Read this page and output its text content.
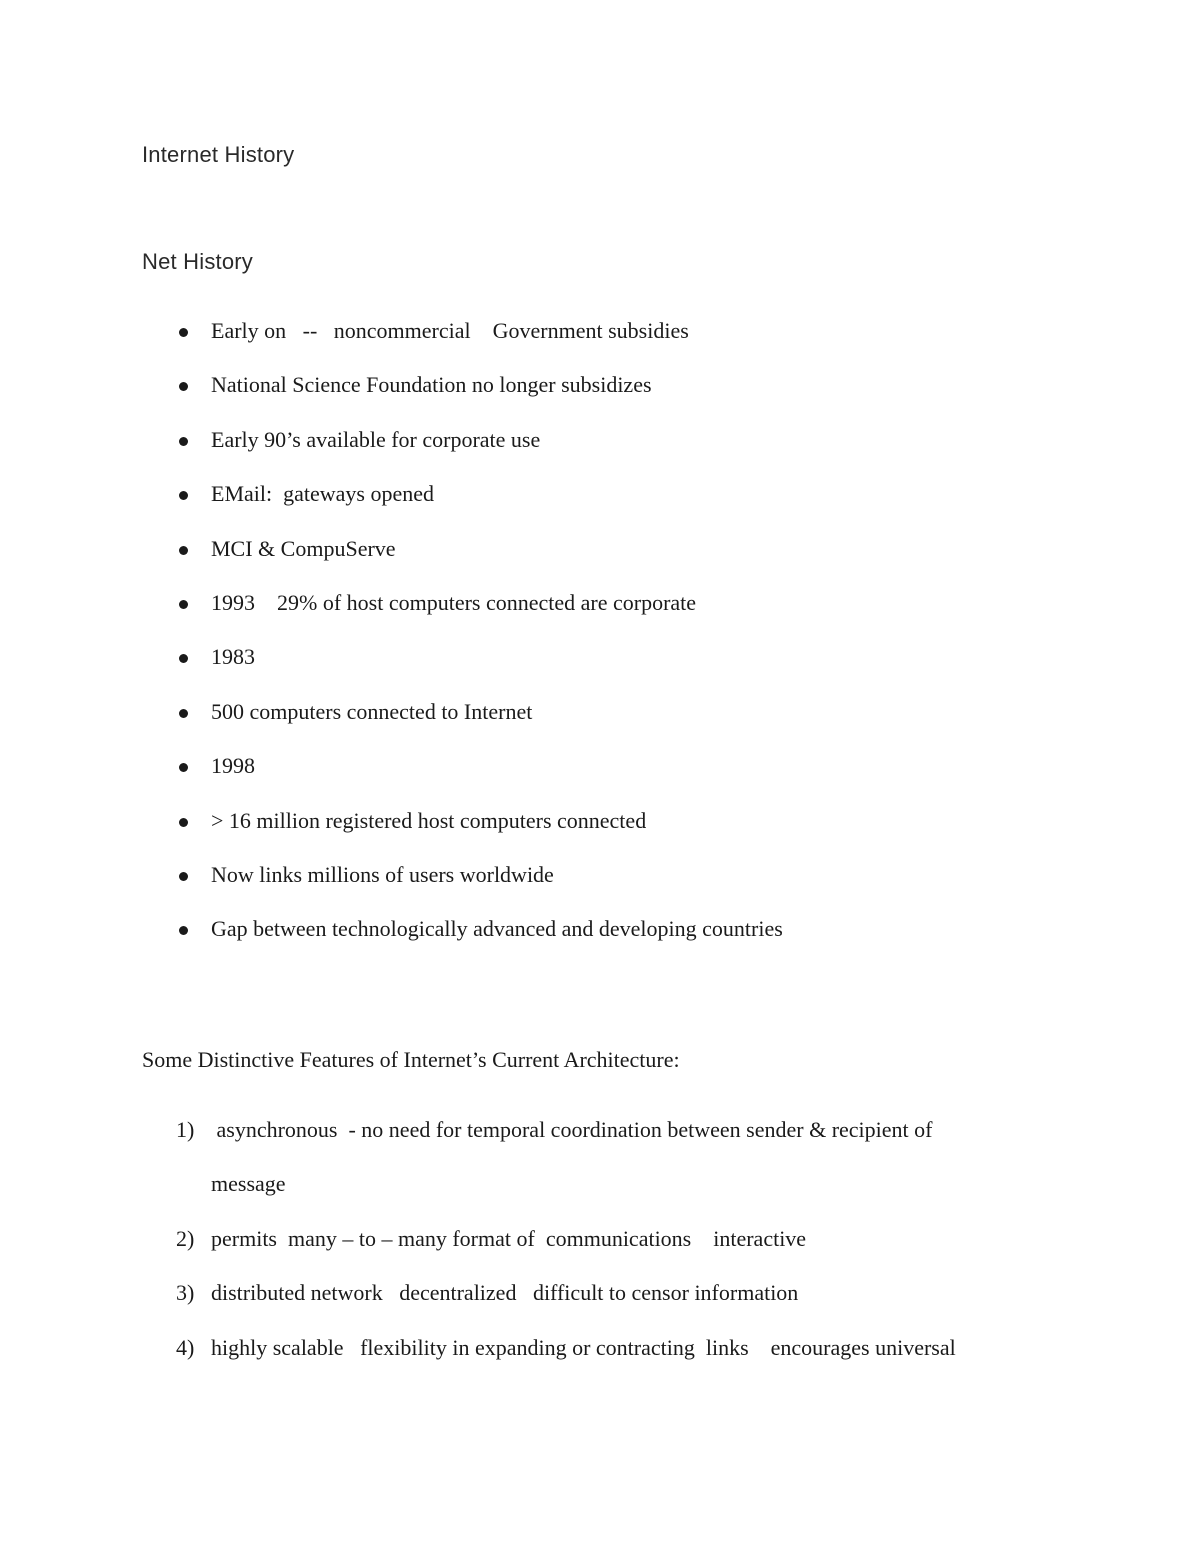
Internet History
Net History
Early on   --   noncommercial    Government subsidies
National Science Foundation no longer subsidizes
Early 90’s available for corporate use
EMail:  gateways opened
MCI & CompuServe
1993    29% of host computers connected are corporate
1983
500 computers connected to Internet
1998
> 16 million registered host computers connected
Now links millions of users worldwide
Gap between technologically advanced and developing countries
Some Distinctive Features of Internet’s Current Architecture:
1) asynchronous  - no need for temporal coordination between sender & recipient of
message
2) permits  many – to – many format of  communications    interactive
3) distributed network   decentralized   difficult to censor information
4) highly scalable   flexibility in expanding or contracting  links    encourages universal
